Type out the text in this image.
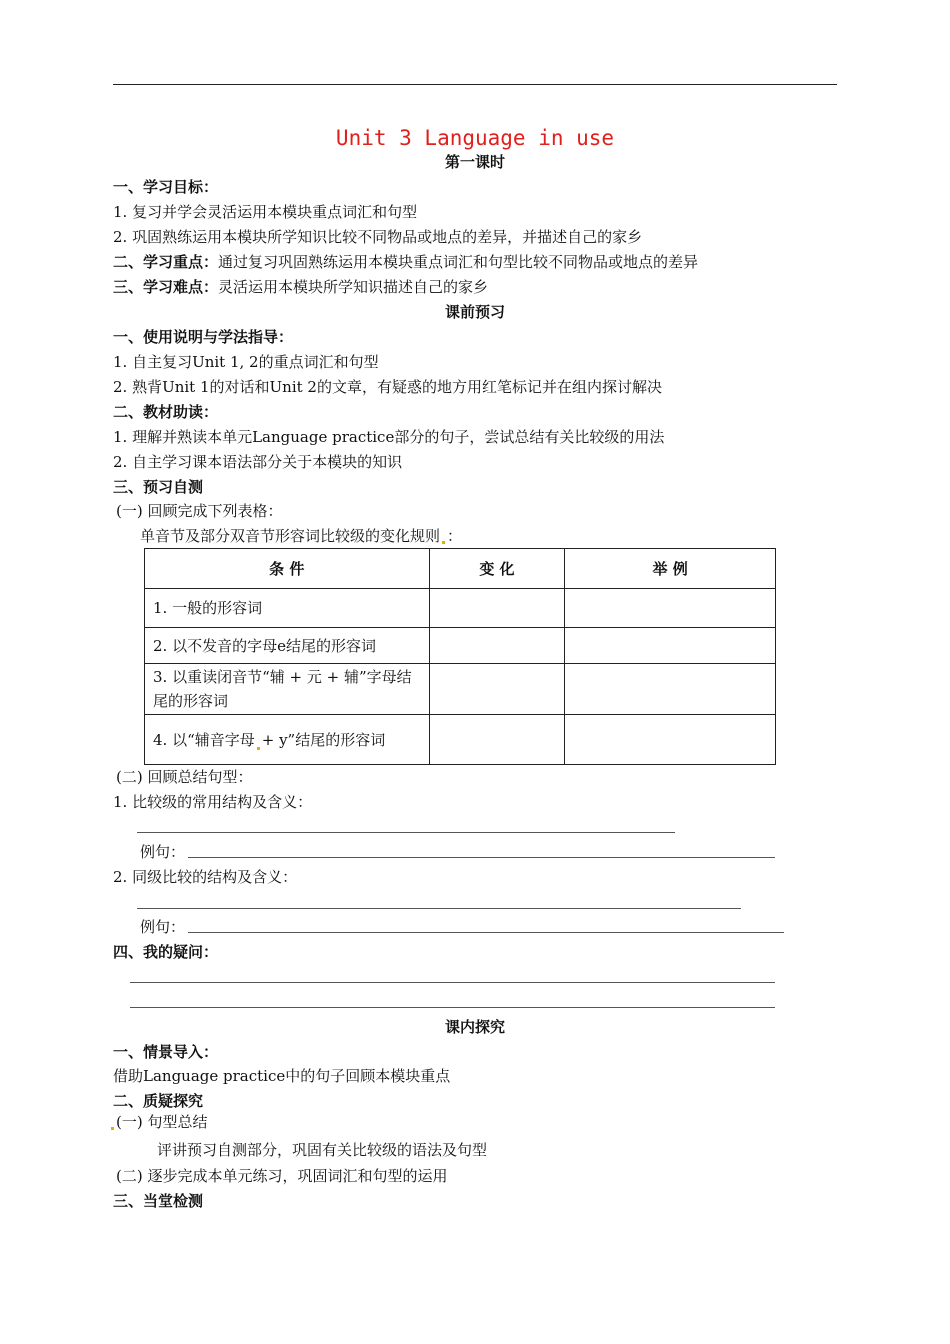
Unit 3 Language in use
第一课时
一、学习目标：
1. 复习并学会灵活运用本模块重点词汇和句型
2. 巩固熟练运用本模块所学知识比较不同物品或地点的差异，并描述自己的家乡
二、学习重点：通过复习巩固熟练运用本模块重点词汇和句型比较不同物品或地点的差异
三、学习难点：灵活运用本模块所学知识描述自己的家乡
课前预习
一、使用说明与学法指导：
1. 自主复习Unit 1, 2的重点词汇和句型
2. 熟背Unit 1的对话和Unit 2的文章，有疑惑的地方用红笔标记并在组内探讨解决
二、教材助读：
1. 理解并熟读本单元Language practice部分的句子，尝试总结有关比较级的用法
2. 自主学习课本语法部分关于本模块的知识
三、预习自测
(一) 回顾完成下列表格：
单音节及部分双音节形容词比较级的变化规则 ：
条 件	变 化	举 例
1. 一般的形容词		
2. 以不发音的字母e结尾的形容词		
3. 以重读闭音节“辅 + 元 + 辅”字母结尾的形容词		
4. 以“辅音字母 + y”结尾的形容词		
(二) 回顾总结句型：
1. 比较级的常用结构及含义：
例句：
2. 同级比较的结构及含义：
例句：
四、我的疑问：
课内探究
一、情景导入：
借助Language practice中的句子回顾本模块重点
二、质疑探究
(一) 句型总结
评讲预习自测部分，巩固有关比较级的语法及句型
(二) 逐步完成本单元练习，巩固词汇和句型的运用
三、当堂检测
